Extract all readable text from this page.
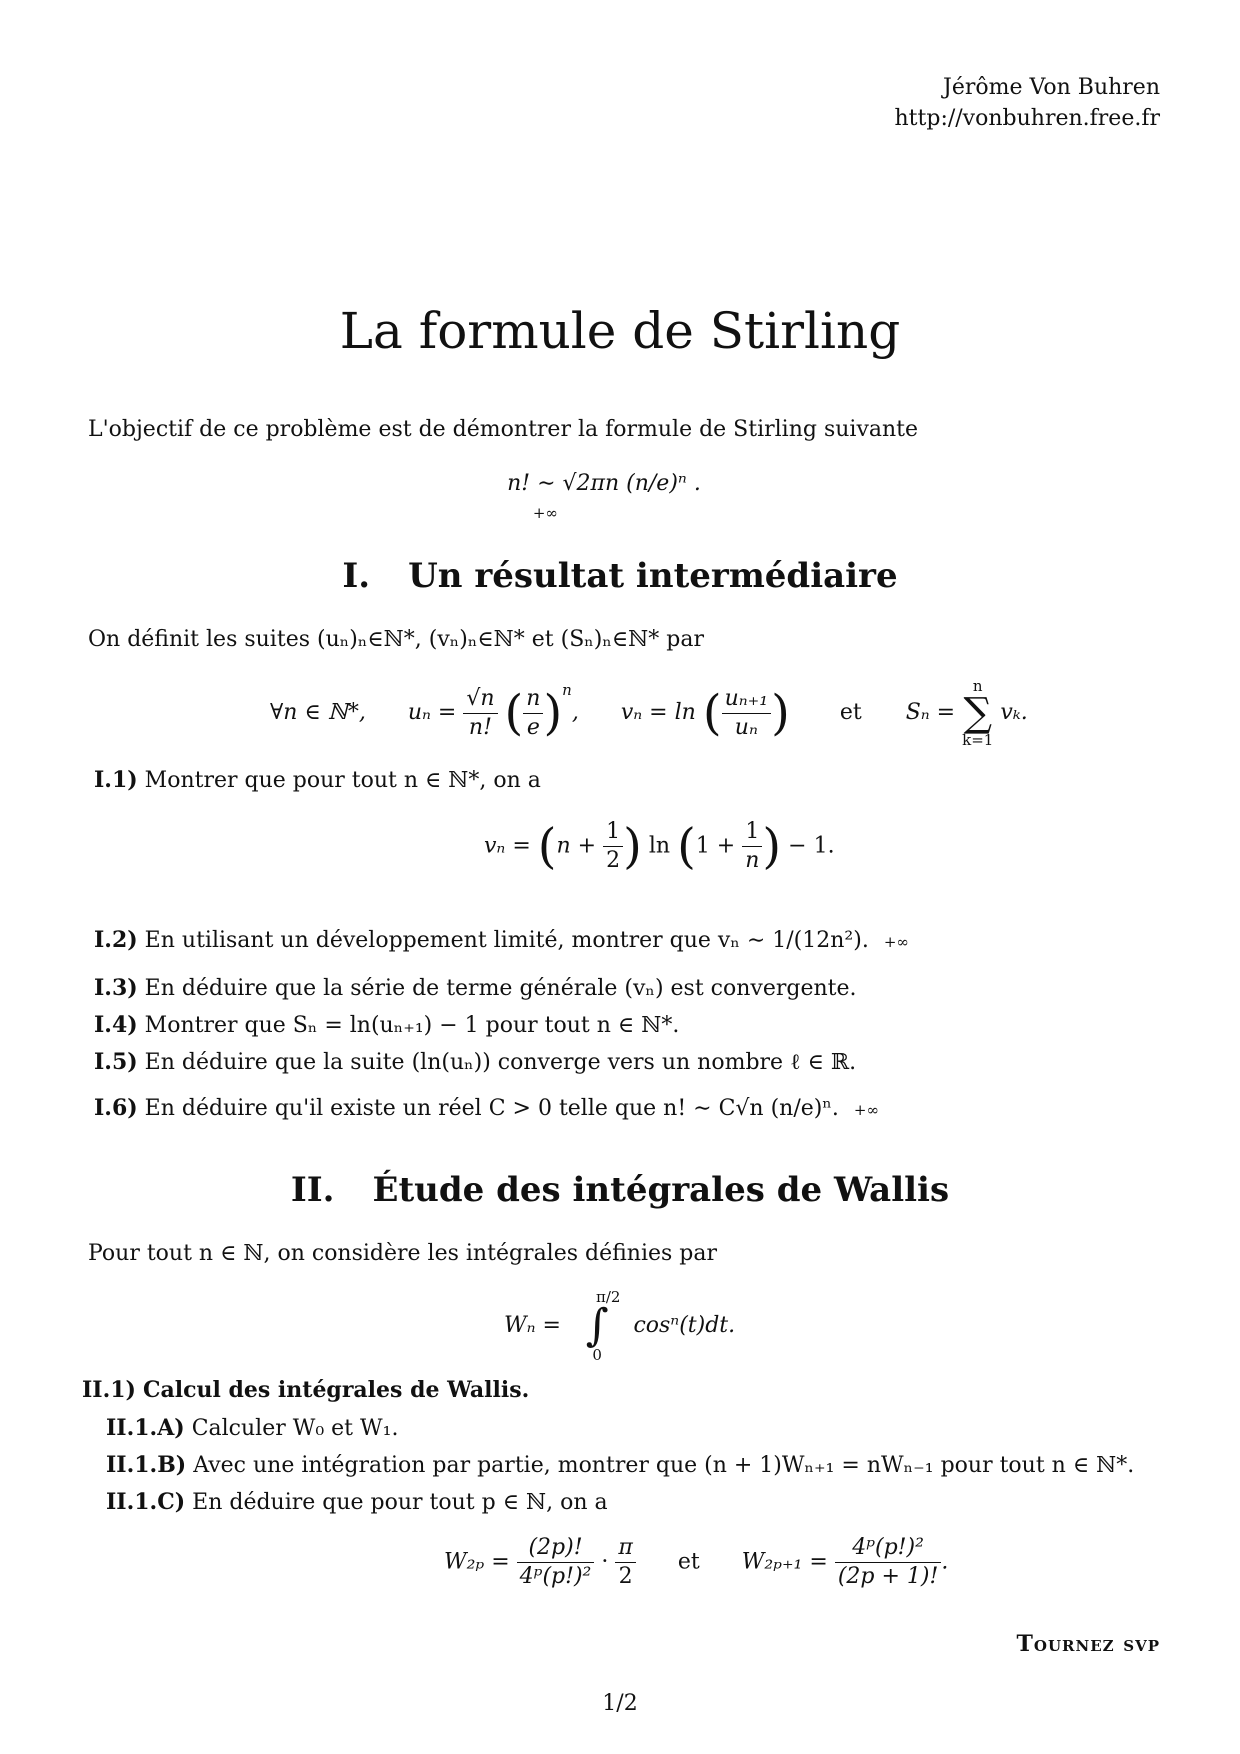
Jérôme Von Buhren
http://vonbuhren.free.fr
La formule de Stirling
L'objectif de ce problème est de démontrer la formule de Stirling suivante
n! ∼ √2πn (n/e)ⁿ . $_{+\infty}$
I. Un résultat intermédiaire
On définit les suites (uₙ)ₙ∈ℕ*, (vₙ)ₙ∈ℕ* et (Sₙ)ₙ∈ℕ* par
∀n ∈ ℕ*, $u_n = \frac{√n}{n!}$ ( $\frac{n}{e} )^n$, vₙ = ln ( $\frac{\text{uₙ₊₁}}{\text{uₙ}}$ ) et Sₙ =
n
∑
k=1
vₖ.
I.1) Montrer que pour tout n ∈ ℕ*, on a
$v_n = (n + \frac{1}{2}$ ) $\ln (1 + \frac{1}{n}$ ) − 1.
I.2) En utilisant un développement limité, montrer que vₙ ∼ 1/(12n²). +∞
I.3) En déduire que la série de terme générale (vₙ) est convergente.
I.4) Montrer que Sₙ = ln(uₙ₊₁) − 1 pour tout n ∈ ℕ*.
I.5) En déduire que la suite (ln(uₙ)) converge vers un nombre ℓ ∈ ℝ.
I.6) En déduire qu'il existe un réel C > 0 telle que n! ∼ C√n (n/e)ⁿ. +∞
II. Étude des intégrales de Wallis
Pour tout n ∈ ℕ, on considère les intégrales définies par
Wₙ =
π/2
∫
0
cosⁿ(t)dt.
II.1) Calcul des intégrales de Wallis.
II.1.A) Calculer W₀ et W₁.
II.1.B) Avec une intégration par partie, montrer que (n + 1)Wₙ₊₁ = nWₙ₋₁ pour tout n ∈ ℕ*.
II.1.C) En déduire que pour tout p ∈ ℕ, on a
$W_{2p} = \frac{(2p)!}{\text{4ᵖ(p!)²}} \cdot \frac{\pi}{2}$ et $W_{2p+1} = \frac{\text{4ᵖ(p!)²}}{(2p + 1)!}$ .
Tournez svp
1/2
